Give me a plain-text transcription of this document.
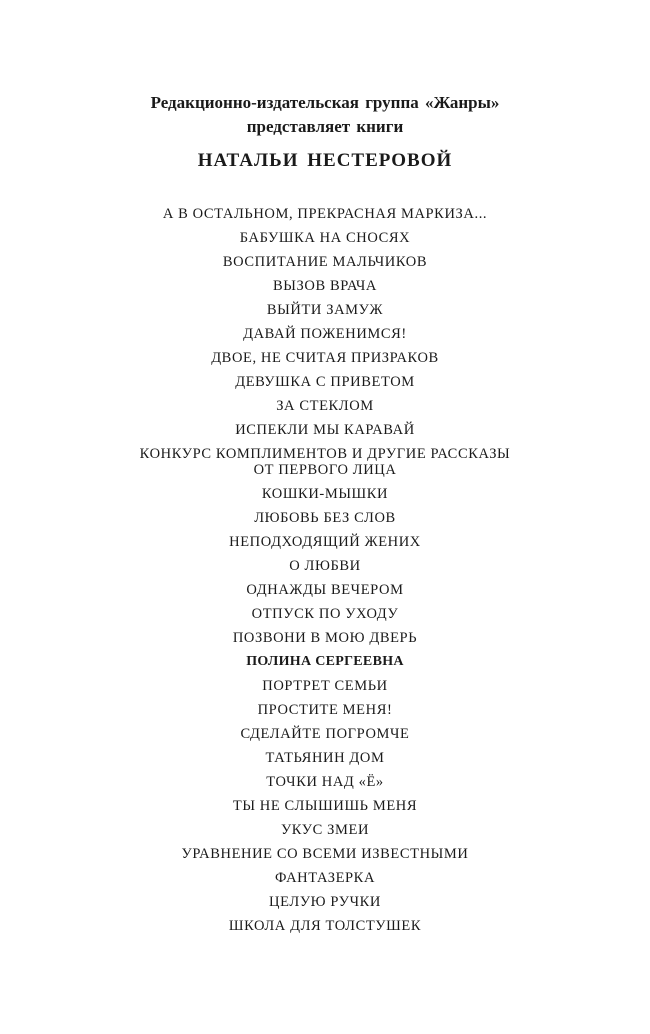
Редакционно-издательская группа «Жанры»
представляет книги
НАТАЛЬИ НЕСТЕРОВОЙ
А В ОСТАЛЬНОМ, ПРЕКРАСНАЯ МАРКИЗА...
БАБУШКА НА СНОСЯХ
ВОСПИТАНИЕ МАЛЬЧИКОВ
ВЫЗОВ ВРАЧА
ВЫЙТИ ЗАМУЖ
ДАВАЙ ПОЖЕНИМСЯ!
ДВОЕ, НЕ СЧИТАЯ ПРИЗРАКОВ
ДЕВУШКА С ПРИВЕТОМ
ЗА СТЕКЛОМ
ИСПЕКЛИ МЫ КАРАВАЙ
КОНКУРС КОМПЛИМЕНТОВ И ДРУГИЕ РАССКАЗЫ
ОТ ПЕРВОГО ЛИЦА
КОШКИ-МЫШКИ
ЛЮБОВЬ БЕЗ СЛОВ
НЕПОДХОДЯЩИЙ ЖЕНИХ
О ЛЮБВИ
ОДНАЖДЫ ВЕЧЕРОМ
ОТПУСК ПО УХОДУ
ПОЗВОНИ В МОЮ ДВЕРЬ
ПОЛИНА СЕРГЕЕВНА
ПОРТРЕТ СЕМЬИ
ПРОСТИТЕ МЕНЯ!
СДЕЛАЙТЕ ПОГРОМЧЕ
ТАТЬЯНИН ДОМ
ТОЧКИ НАД «Ё»
ТЫ НЕ СЛЫШИШЬ МЕНЯ
УКУС ЗМЕИ
УРАВНЕНИЕ СО ВСЕМИ ИЗВЕСТНЫМИ
ФАНТАЗЕРКА
ЦЕЛУЮ РУЧКИ
ШКОЛА ДЛЯ ТОЛСТУШЕК
